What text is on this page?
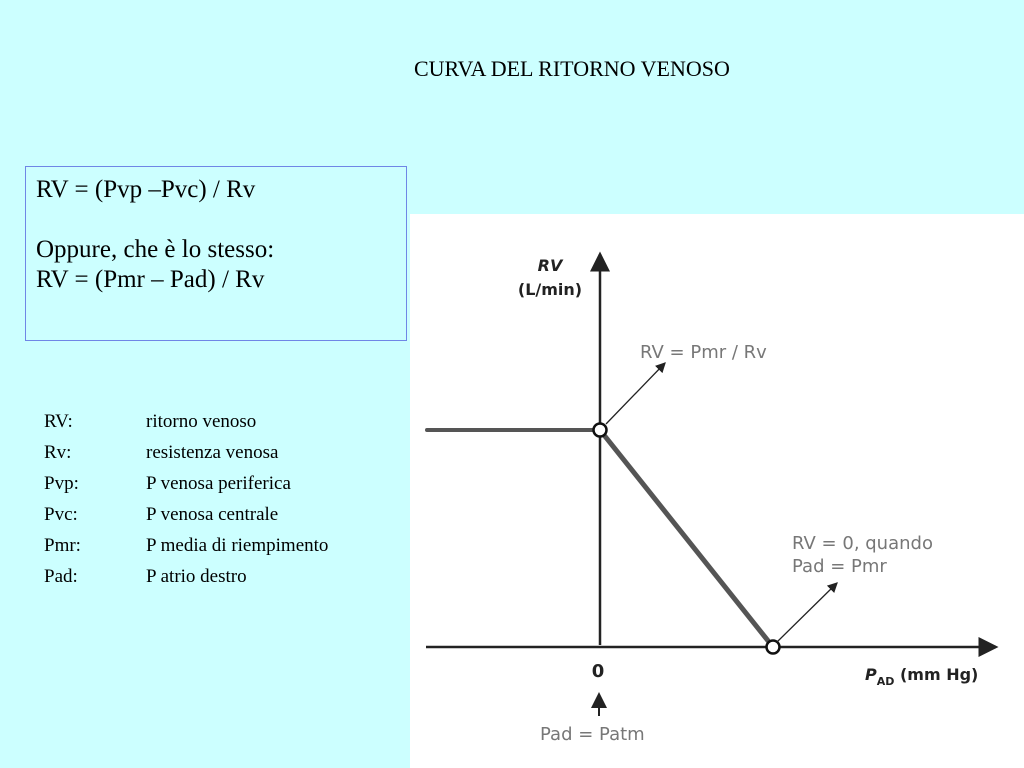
CURVA DEL RITORNO VENOSO
RV = (Pvp –Pvc) / Rv
Oppure, che è lo stesso:
RV = (Pmr – Pad) / Rv
RV:	ritorno venoso
Rv:	resistenza venosa
Pvp:	P venosa periferica
Pvc:	P venosa centrale
Pmr:	P media di riempimento
Pad:	P atrio destro
RV
(L/min)
0	$P_{AD}$ (mm Hg)
RV = Pmr / Rv
RV = 0, quando
Pad = Pmr
Pad = Patm
